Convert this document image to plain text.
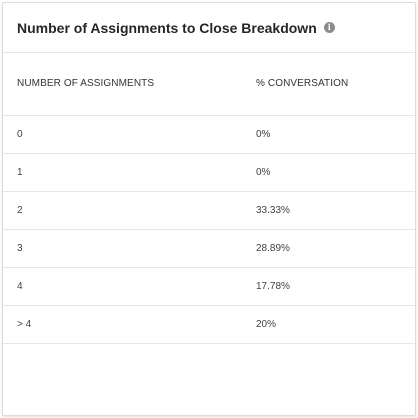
Number of Assignments to Close Breakdown	i
NUMBER OF ASSIGNMENTS	% CONVERSATION
0	0%
1	0%
2	33.33%
3	28.89%
4	17.78%
> 4	20%
